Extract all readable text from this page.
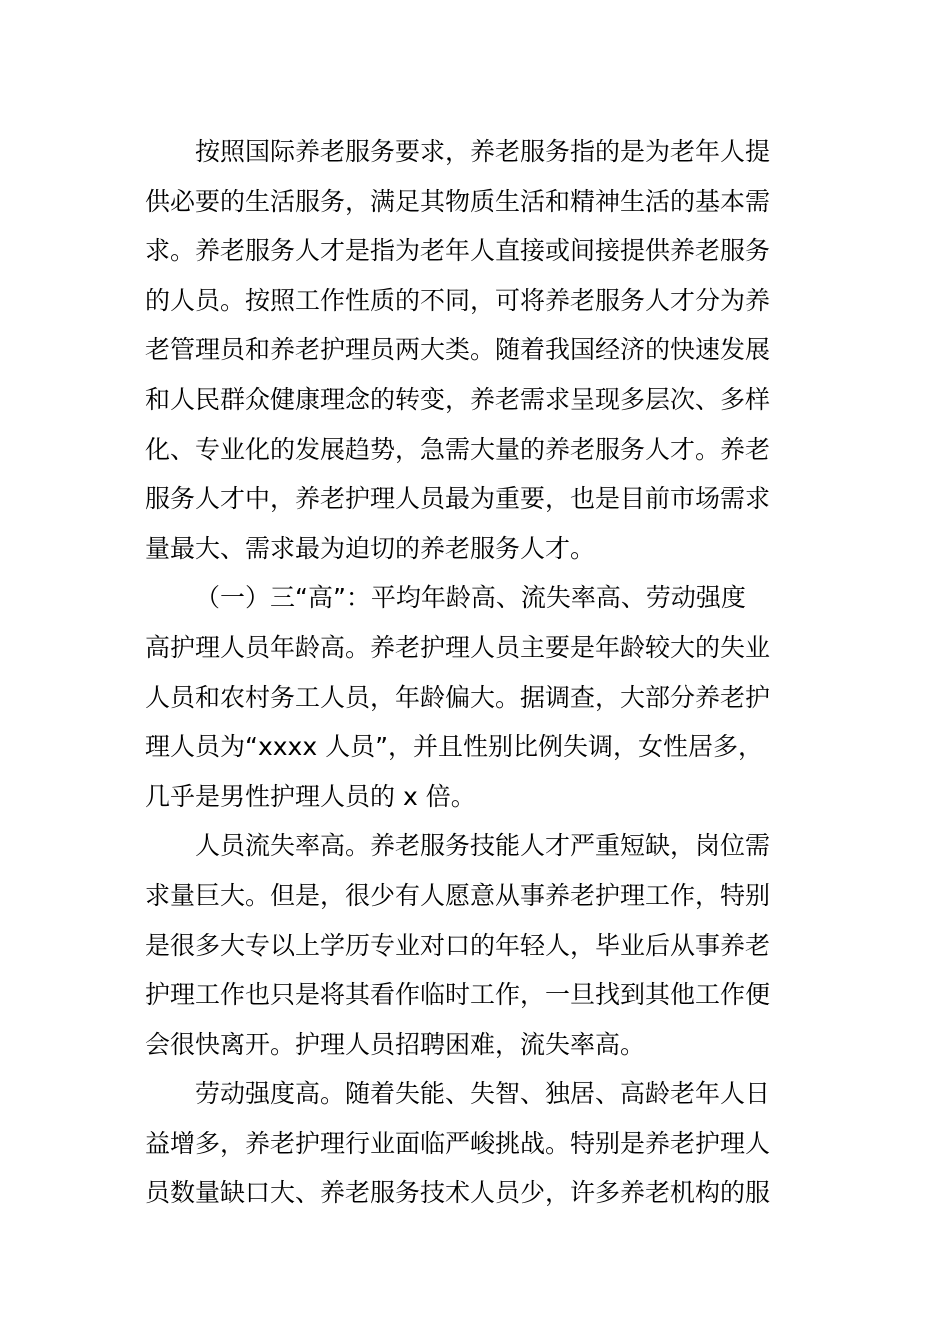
按照国际养老服务要求，养老服务指的是为老年人提
供必要的生活服务，满足其物质生活和精神生活的基本需
求。养老服务人才是指为老年人直接或间接提供养老服务
的人员。按照工作性质的不同，可将养老服务人才分为养
老管理员和养老护理员两大类。随着我国经济的快速发展
和人民群众健康理念的转变，养老需求呈现多层次、多样
化、专业化的发展趋势，急需大量的养老服务人才。养老
服务人才中，养老护理人员最为重要，也是目前市场需求
量最大、需求最为迫切的养老服务人才。
（一）三“高”：平均年龄高、流失率高、劳动强度
高护理人员年龄高。养老护理人员主要是年龄较大的失业
人员和农村务工人员，年龄偏大。据调查，大部分养老护
理人员为“xxxx 人员”，并且性别比例失调，女性居多，
几乎是男性护理人员的 x 倍。
人员流失率高。养老服务技能人才严重短缺，岗位需
求量巨大。但是，很少有人愿意从事养老护理工作，特别
是很多大专以上学历专业对口的年轻人，毕业后从事养老
护理工作也只是将其看作临时工作，一旦找到其他工作便
会很快离开。护理人员招聘困难，流失率高。
劳动强度高。随着失能、失智、独居、高龄老年人日
益增多，养老护理行业面临严峻挑战。特别是养老护理人
员数量缺口大、养老服务技术人员少，许多养老机构的服
